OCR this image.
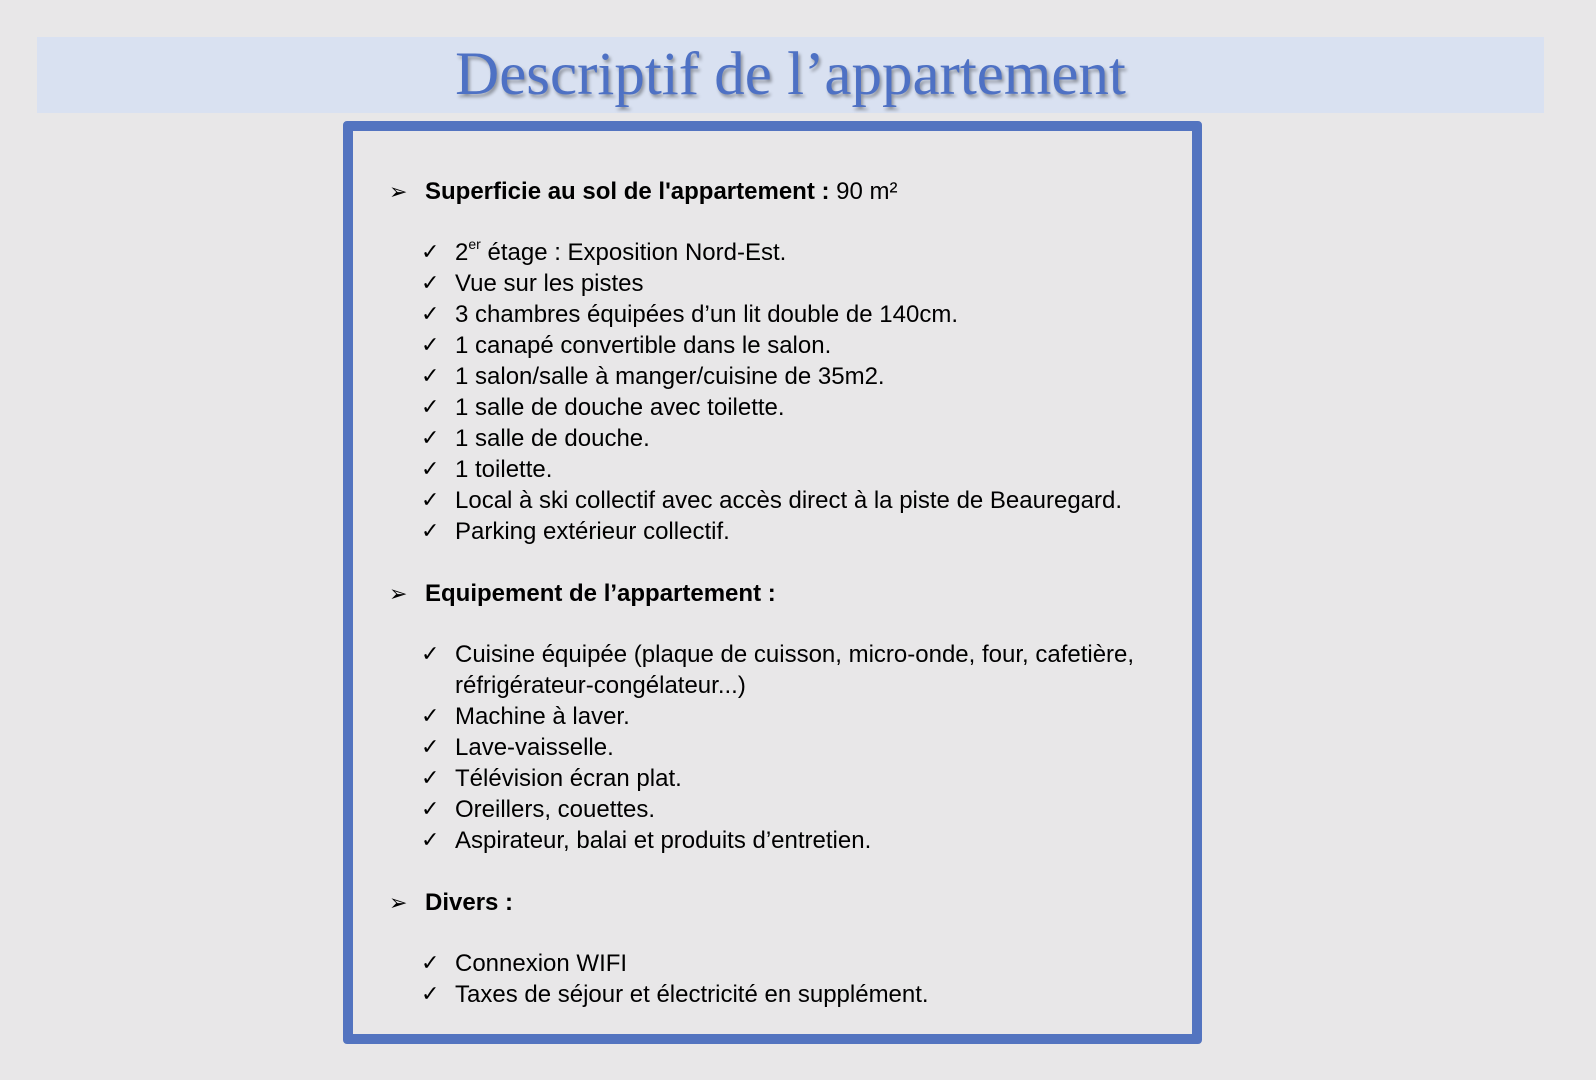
Descriptif de l’appartement
➢ Superficie au sol de l'appartement : 90 m²
✓ 2er étage : Exposition Nord-Est.
✓ Vue sur les pistes
✓ 3 chambres équipées d’un lit double de 140cm.
✓ 1 canapé convertible dans le salon.
✓ 1 salon/salle à manger/cuisine de 35m2.
✓ 1 salle de douche avec toilette.
✓ 1 salle de douche.
✓ 1 toilette.
✓ Local à ski collectif avec accès direct à la piste de Beauregard.
✓ Parking extérieur collectif.
➢ Equipement de l’appartement :
✓ Cuisine équipée (plaque de cuisson, micro-onde, four, cafetière, réfrigérateur-congélateur...)
✓ Machine à laver.
✓ Lave-vaisselle.
✓ Télévision écran plat.
✓ Oreillers, couettes.
✓ Aspirateur, balai et produits d’entretien.
➢ Divers :
✓ Connexion WIFI
✓ Taxes de séjour et électricité en supplément.
